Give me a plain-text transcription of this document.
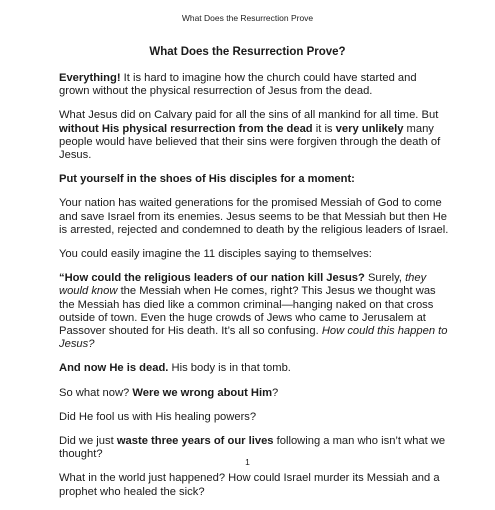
What Does the Resurrection Prove
What Does the Resurrection Prove?

Everything! It is hard to imagine how the church could have started and grown without the physical resurrection of Jesus from the dead.

What Jesus did on Calvary paid for all the sins of all mankind for all time. But without His physical resurrection from the dead it is very unlikely many people would have believed that their sins were forgiven through the death of Jesus.

Put yourself in the shoes of His disciples for a moment:

Your nation has waited generations for the promised Messiah of God to come and save Israel from its enemies. Jesus seems to be that Messiah but then He is arrested, rejected and condemned to death by the religious leaders of Israel.

You could easily imagine the 11 disciples saying to themselves:

“How could the religious leaders of our nation kill Jesus? Surely, they would know the Messiah when He comes, right? This Jesus we thought was the Messiah has died like a common criminal—hanging naked on that cross outside of town. Even the huge crowds of Jews who came to Jerusalem at Passover shouted for His death. It’s all so confusing. How could this happen to Jesus?

And now He is dead. His body is in that tomb.

So what now? Were we wrong about Him?

Did He fool us with His healing powers?

Did we just waste three years of our lives following a man who isn’t what we thought?

What in the world just happened? How could Israel murder its Messiah and a prophet who healed the sick?

1
